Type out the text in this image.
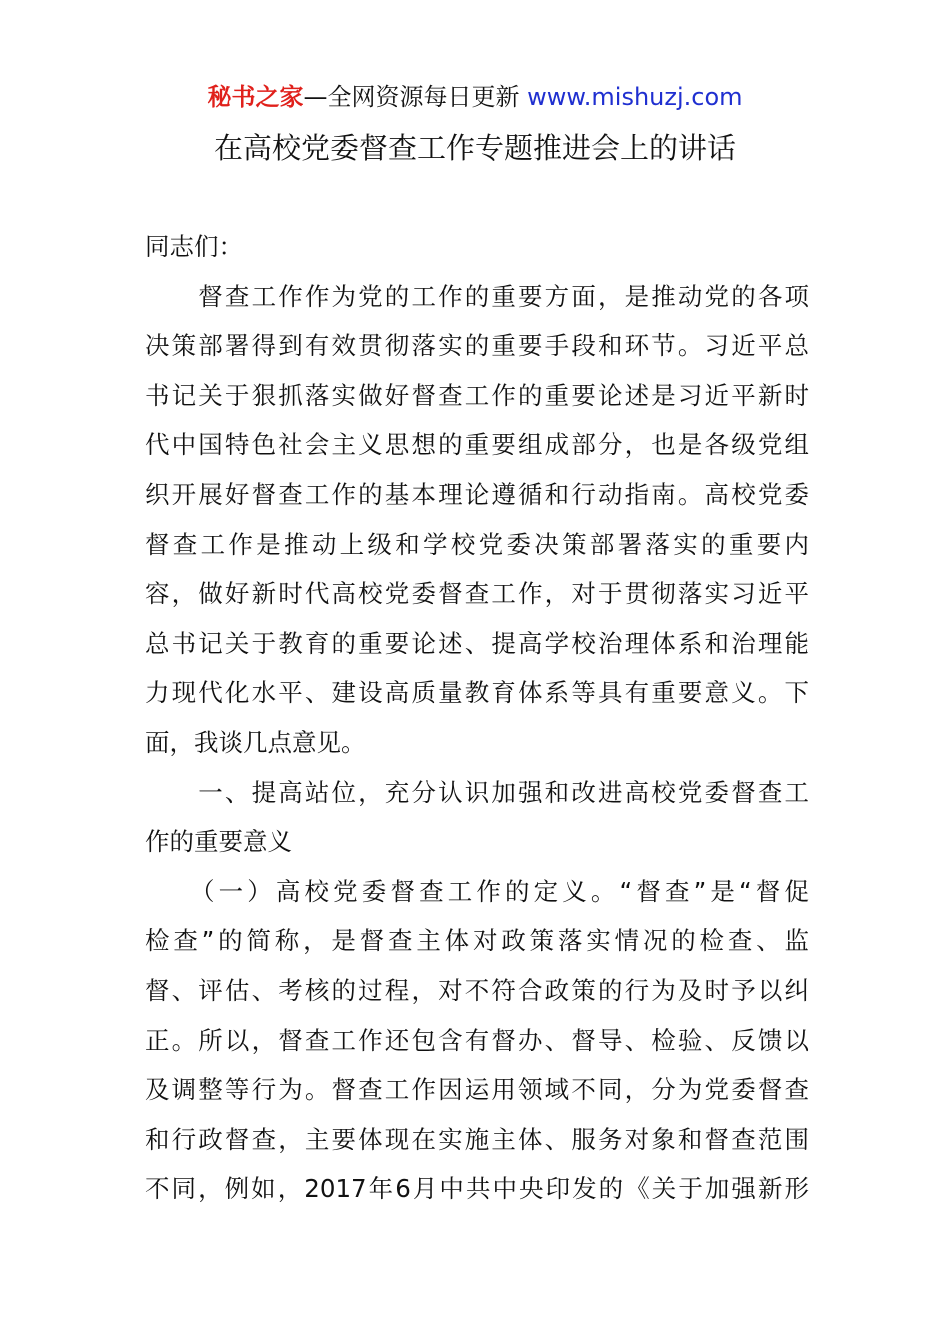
秘书之家—全网资源每日更新 www.mishuzj.com
在高校党委督查工作专题推进会上的讲话
同志们：
　　督查工作作为党的工作的重要方面，是推动党的各项
决策部署得到有效贯彻落实的重要手段和环节。习近平总
书记关于狠抓落实做好督查工作的重要论述是习近平新时
代中国特色社会主义思想的重要组成部分，也是各级党组
织开展好督查工作的基本理论遵循和行动指南。高校党委
督查工作是推动上级和学校党委决策部署落实的重要内
容，做好新时代高校党委督查工作，对于贯彻落实习近平
总书记关于教育的重要论述、提高学校治理体系和治理能
力现代化水平、建设高质量教育体系等具有重要意义。下
面，我谈几点意见。
　　一、提高站位，充分认识加强和改进高校党委督查工
作的重要意义
　　（一）高校党委督查工作的定义。“督查”是“督促
检查”的简称，是督查主体对政策落实情况的检查、监
督、评估、考核的过程，对不符合政策的行为及时予以纠
正。所以，督查工作还包含有督办、督导、检验、反馈以
及调整等行为。督查工作因运用领域不同，分为党委督查
和行政督查，主要体现在实施主体、服务对象和督查范围
不同，例如，2017年6月中共中央印发的《关于加强新形
